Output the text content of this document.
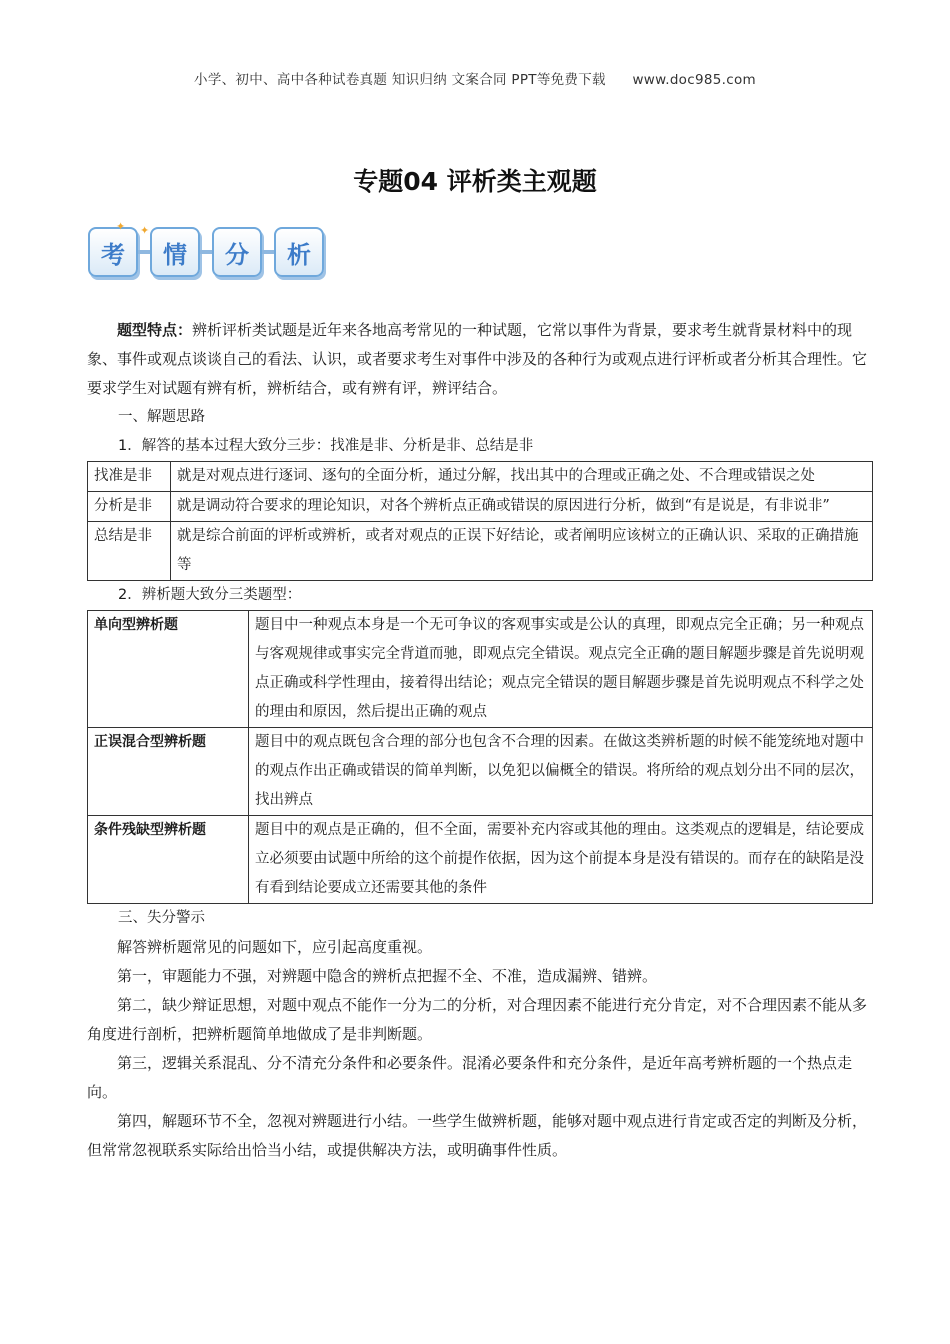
小学、初中、高中各种试卷真题 知识归纳 文案合同 PPT等免费下载 www.doc985.com
专题04 评析类主观题
✦ ✦
考	情	分	析

题型特点：辨析评析类试题是近年来各地高考常见的一种试题，它常以事件为背景，要求考生就背景材料中的现象、事件或观点谈谈自己的看法、认识，或者要求考生对事件中涉及的各种行为或观点进行评析或者分析其合理性。它要求学生对试题有辨有析，辨析结合，或有辨有评，辨评结合。

一、解题思路

1．解答的基本过程大致分三步：找准是非、分析是非、总结是非

找准是非	就是对观点进行逐词、逐句的全面分析，通过分解，找出其中的合理或正确之处、不合理或错误之处
分析是非	就是调动符合要求的理论知识，对各个辨析点正确或错误的原因进行分析，做到“有是说是，有非说非”
总结是非	就是综合前面的评析或辨析，或者对观点的正误下好结论，或者阐明应该树立的正确认识、采取的正确措施等

2．辨析题大致分三类题型：

单向型辨析题	题目中一种观点本身是一个无可争议的客观事实或是公认的真理，即观点完全正确；另一种观点与客观规律或事实完全背道而驰，即观点完全错误。观点完全正确的题目解题步骤是首先说明观点正确或科学性理由，接着得出结论；观点完全错误的题目解题步骤是首先说明观点不科学之处的理由和原因，然后提出正确的观点
正误混合型辨析题	题目中的观点既包含合理的部分也包含不合理的因素。在做这类辨析题的时候不能笼统地对题中的观点作出正确或错误的简单判断，以免犯以偏概全的错误。将所给的观点划分出不同的层次，找出辨点
条件残缺型辨析题	题目中的观点是正确的，但不全面，需要补充内容或其他的理由。这类观点的逻辑是，结论要成立必须要由试题中所给的这个前提作依据，因为这个前提本身是没有错误的。而存在的缺陷是没有看到结论要成立还需要其他的条件

三、失分警示

解答辨析题常见的问题如下，应引起高度重视。

第一，审题能力不强，对辨题中隐含的辨析点把握不全、不准，造成漏辨、错辨。

第二，缺少辩证思想，对题中观点不能作一分为二的分析，对合理因素不能进行充分肯定，对不合理因素不能从多角度进行剖析，把辨析题简单地做成了是非判断题。

第三，逻辑关系混乱、分不清充分条件和必要条件。混淆必要条件和充分条件，是近年高考辨析题的一个热点走向。

第四，解题环节不全，忽视对辨题进行小结。一些学生做辨析题，能够对题中观点进行肯定或否定的判断及分析，但常常忽视联系实际给出恰当小结，或提供解决方法，或明确事件性质。
